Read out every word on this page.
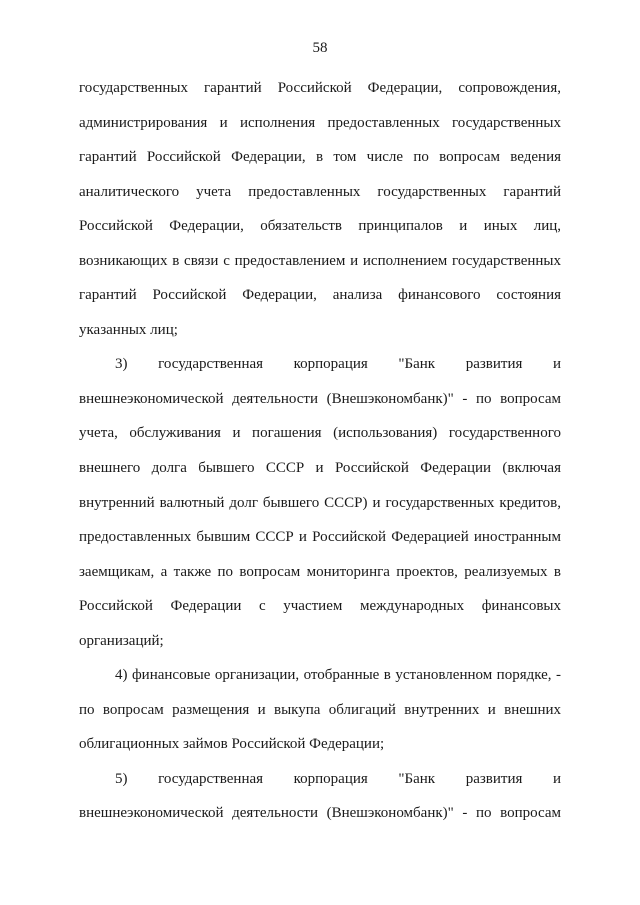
58
государственных гарантий Российской Федерации, сопровождения,
администрирования и исполнения предоставленных государственных
гарантий Российской Федерации, в том числе по вопросам ведения
аналитического учета предоставленных государственных гарантий
Российской Федерации, обязательств принципалов и иных лиц,
возникающих в связи с предоставлением и исполнением государственных
гарантий Российской Федерации, анализа финансового состояния
указанных лиц;
3) государственная корпорация "Банк развития и
внешнеэкономической деятельности (Внешэкономбанк)" - по вопросам
учета, обслуживания и погашения (использования) государственного
внешнего долга бывшего СССР и Российской Федерации (включая
внутренний валютный долг бывшего СССР) и государственных кредитов,
предоставленных бывшим СССР и Российской Федерацией иностранным
заемщикам, а также по вопросам мониторинга проектов, реализуемых в
Российской Федерации с участием международных финансовых
организаций;
4) финансовые организации, отобранные в установленном порядке, -
по вопросам размещения и выкупа облигаций внутренних и внешних
облигационных займов Российской Федерации;
5) государственная корпорация "Банк развития и
внешнеэкономической деятельности (Внешэкономбанк)" - по вопросам
